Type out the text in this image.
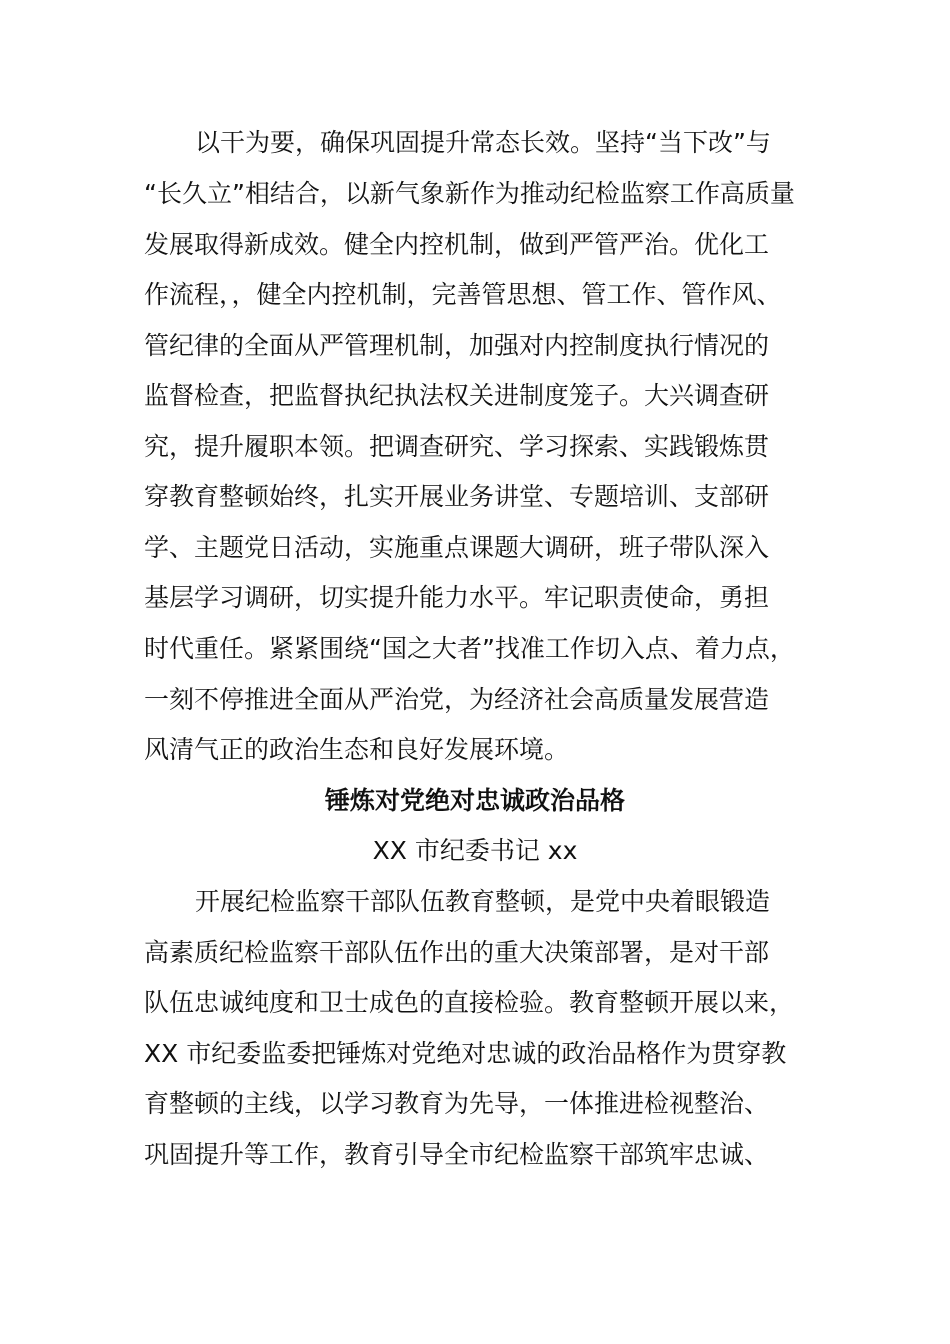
以干为要，确保巩固提升常态长效。坚持“当下改”与
“长久立”相结合，以新气象新作为推动纪检监察工作高质量
发展取得新成效。健全内控机制，做到严管严治。优化工
作流程，，健全内控机制，完善管思想、管工作、管作风、
管纪律的全面从严管理机制，加强对内控制度执行情况的
监督检查，把监督执纪执法权关进制度笼子。大兴调查研
究，提升履职本领。把调查研究、学习探索、实践锻炼贯
穿教育整顿始终，扎实开展业务讲堂、专题培训、支部研
学、主题党日活动，实施重点课题大调研，班子带队深入
基层学习调研，切实提升能力水平。牢记职责使命，勇担
时代重任。紧紧围绕“国之大者”找准工作切入点、着力点，
一刻不停推进全面从严治党，为经济社会高质量发展营造
风清气正的政治生态和良好发展环境。
锤炼对党绝对忠诚政治品格
XX 市纪委书记 xx
开展纪检监察干部队伍教育整顿，是党中央着眼锻造
高素质纪检监察干部队伍作出的重大决策部署，是对干部
队伍忠诚纯度和卫士成色的直接检验。教育整顿开展以来，
XX 市纪委监委把锤炼对党绝对忠诚的政治品格作为贯穿教
育整顿的主线，以学习教育为先导，一体推进检视整治、
巩固提升等工作，教育引导全市纪检监察干部筑牢忠诚、
